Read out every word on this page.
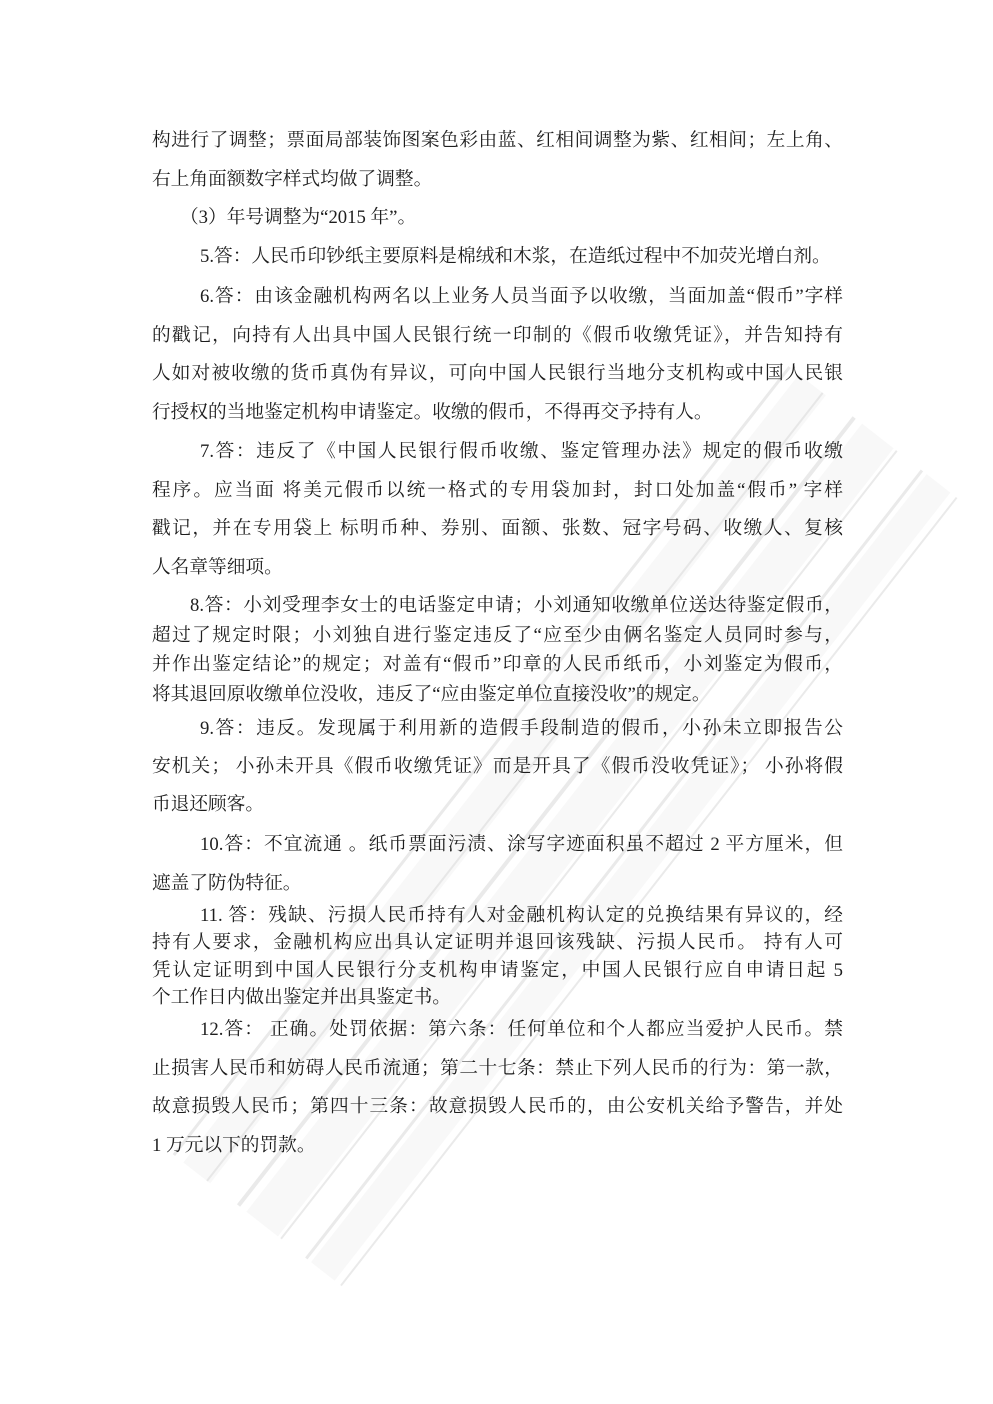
构进行了调整；票面局部装饰图案色彩由蓝、红相间调整为紫、红相间；左上角、
右上角面额数字样式均做了调整。
（3）年号调整为“2015 年”。
5.答：人民币印钞纸主要原料是棉绒和木浆，在造纸过程中不加荧光增白剂。
6.答：由该金融机构两名以上业务人员当面予以收缴，当面加盖“假币”字样
的戳记，向持有人出具中国人民银行统一印制的《假币收缴凭证》，并告知持有
人如对被收缴的货币真伪有异议，可向中国人民银行当地分支机构或中国人民银
行授权的当地鉴定机构申请鉴定。收缴的假币，不得再交予持有人。
7.答：违反了《中国人民银行假币收缴、鉴定管理办法》规定的假币收缴
程序。应当面 将美元假币以统一格式的专用袋加封，封口处加盖“假币” 字样
戳记，并在专用袋上 标明币种、券别、面额、张数、冠字号码、收缴人、复核
人名章等细项。
8.答：小刘受理李女士的电话鉴定申请；小刘通知收缴单位送达待鉴定假币，
超过了规定时限；小刘独自进行鉴定违反了“应至少由俩名鉴定人员同时参与，
并作出鉴定结论”的规定；对盖有“假币”印章的人民币纸币，小刘鉴定为假币，
将其退回原收缴单位没收，违反了“应由鉴定单位直接没收”的规定。
9.答：违反。发现属于利用新的造假手段制造的假币，小孙未立即报告公
安机关； 小孙未开具《假币收缴凭证》而是开具了《假币没收凭证》； 小孙将假
币退还顾客。
10.答：不宜流通 。纸币票面污渍、涂写字迹面积虽不超过 2 平方厘米，但
遮盖了防伪特征。
11. 答：残缺、污损人民币持有人对金融机构认定的兑换结果有异议的，经
持有人要求，金融机构应出具认定证明并退回该残缺、污损人民币。 持有人可
凭认定证明到中国人民银行分支机构申请鉴定，中国人民银行应自申请日起 5
个工作日内做出鉴定并出具鉴定书。
12.答： 正确。处罚依据：第六条：任何单位和个人都应当爱护人民币。禁
止损害人民币和妨碍人民币流通；第二十七条：禁止下列人民币的行为：第一款，
故意损毁人民币；第四十三条：故意损毁人民币的，由公安机关给予警告，并处
1 万元以下的罚款。
